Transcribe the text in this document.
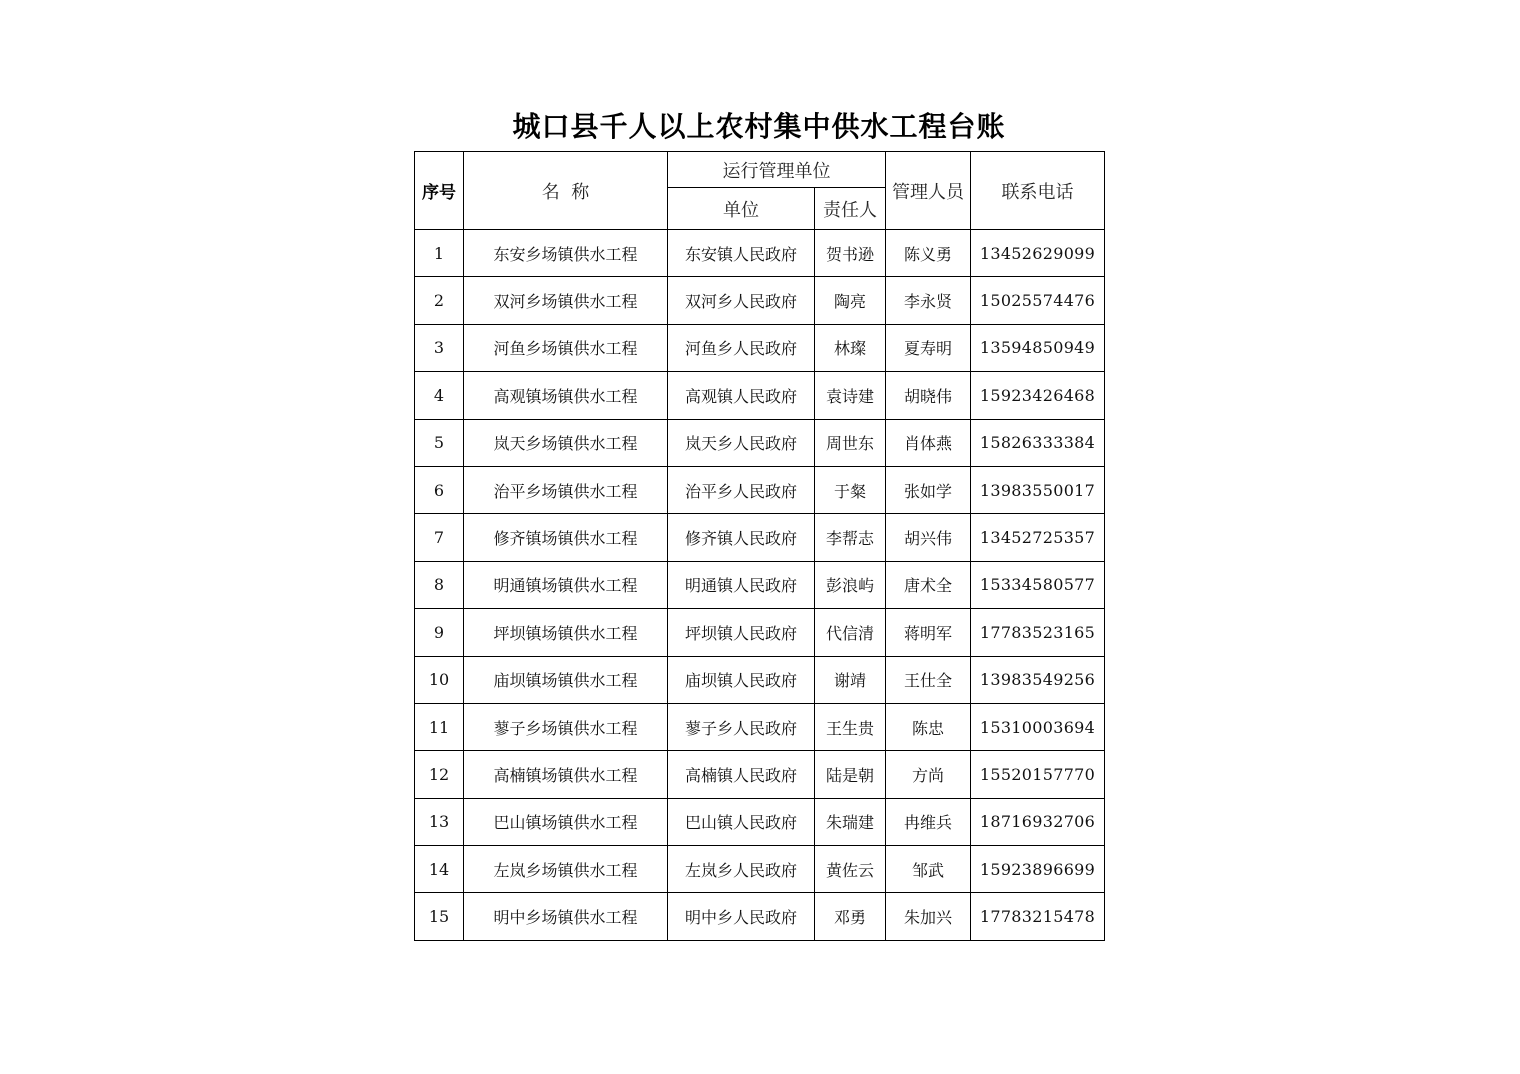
城口县千人以上农村集中供水工程台账
序号	名  称	运行管理单位		管理人员	联系电话
		单位	责任人		
1	东安乡场镇供水工程	东安镇人民政府	贺书逊	陈义勇	13452629099
2	双河乡场镇供水工程	双河乡人民政府	陶亮	李永贤	15025574476
3	河鱼乡场镇供水工程	河鱼乡人民政府	林璨	夏寿明	13594850949
4	高观镇场镇供水工程	高观镇人民政府	袁诗建	胡晓伟	15923426468
5	岚天乡场镇供水工程	岚天乡人民政府	周世东	肖体燕	15826333384
6	治平乡场镇供水工程	治平乡人民政府	于粲	张如学	13983550017
7	修齐镇场镇供水工程	修齐镇人民政府	李帮志	胡兴伟	13452725357
8	明通镇场镇供水工程	明通镇人民政府	彭浪屿	唐术全	15334580577
9	坪坝镇场镇供水工程	坪坝镇人民政府	代信清	蒋明军	17783523165
10	庙坝镇场镇供水工程	庙坝镇人民政府	谢靖	王仕全	13983549256
11	蓼子乡场镇供水工程	蓼子乡人民政府	王生贵	陈忠	15310003694
12	高楠镇场镇供水工程	高楠镇人民政府	陆是朝	方尚	15520157770
13	巴山镇场镇供水工程	巴山镇人民政府	朱瑞建	冉维兵	18716932706
14	左岚乡场镇供水工程	左岚乡人民政府	黄佐云	邹武	15923896699
15	明中乡场镇供水工程	明中乡人民政府	邓勇	朱加兴	17783215478
